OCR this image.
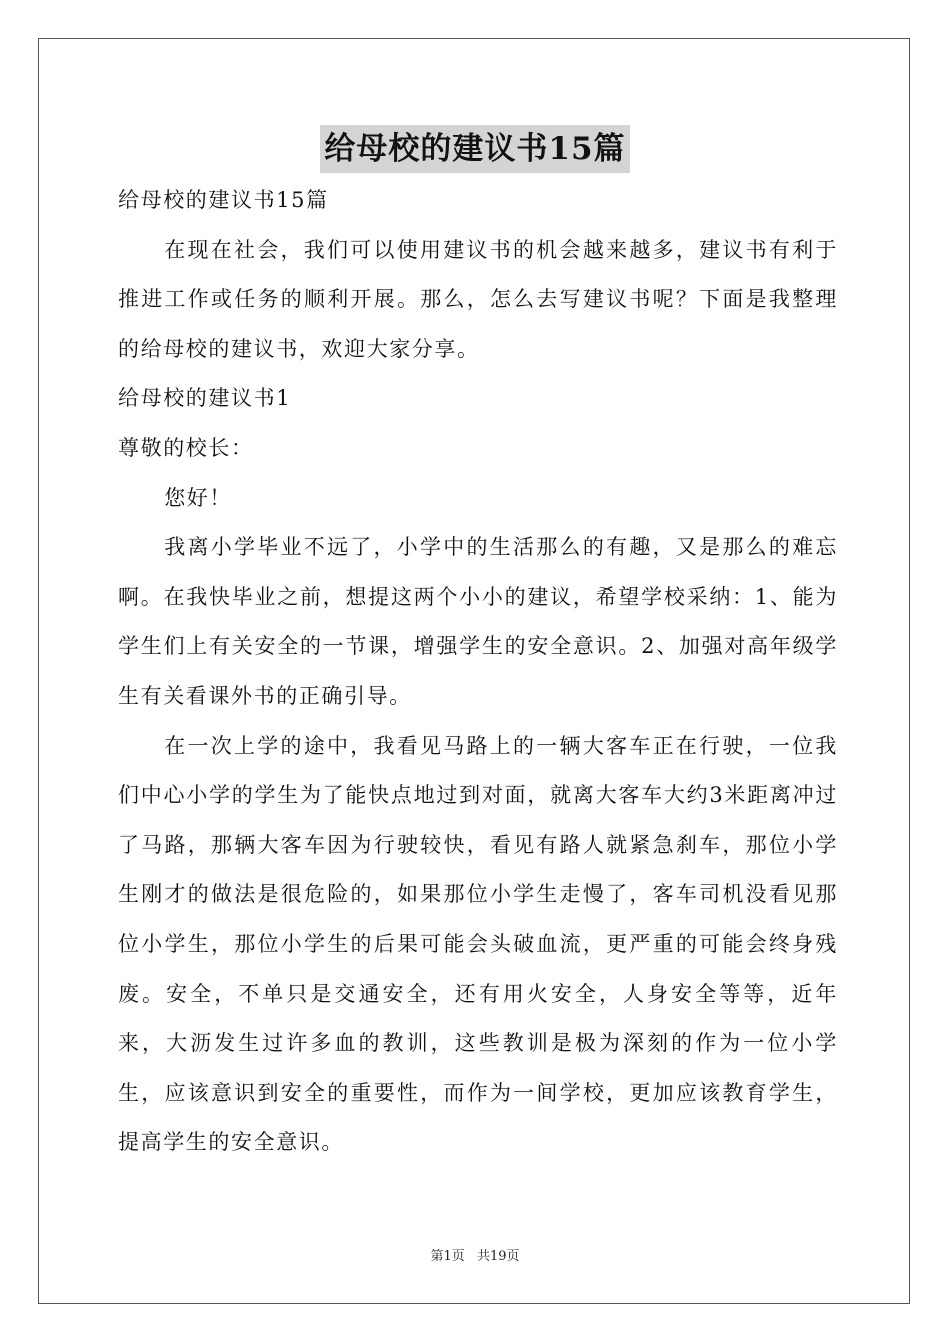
给母校的建议书15篇

给母校的建议书15篇

在现在社会，我们可以使用建议书的机会越来越多，建议书有利于推进工作或任务的顺利开展。那么，怎么去写建议书呢？下面是我整理的给母校的建议书，欢迎大家分享。

给母校的建议书1

尊敬的校长：

您好！

我离小学毕业不远了，小学中的生活那么的有趣，又是那么的难忘啊。在我快毕业之前，想提这两个小小的建议，希望学校采纳：1、能为学生们上有关安全的一节课，增强学生的安全意识。2、加强对高年级学生有关看课外书的正确引导。

在一次上学的途中，我看见马路上的一辆大客车正在行驶，一位我们中心小学的学生为了能快点地过到对面，就离大客车大约3米距离冲过了马路，那辆大客车因为行驶较快，看见有路人就紧急刹车，那位小学生刚才的做法是很危险的，如果那位小学生走慢了，客车司机没看见那位小学生，那位小学生的后果可能会头破血流，更严重的可能会终身残废。安全，不单只是交通安全，还有用火安全，人身安全等等，近年来，大沥发生过许多血的教训，这些教训是极为深刻的作为一位小学生，应该意识到安全的重要性，而作为一间学校，更加应该教育学生，提高学生的安全意识。

第1页 共19页
